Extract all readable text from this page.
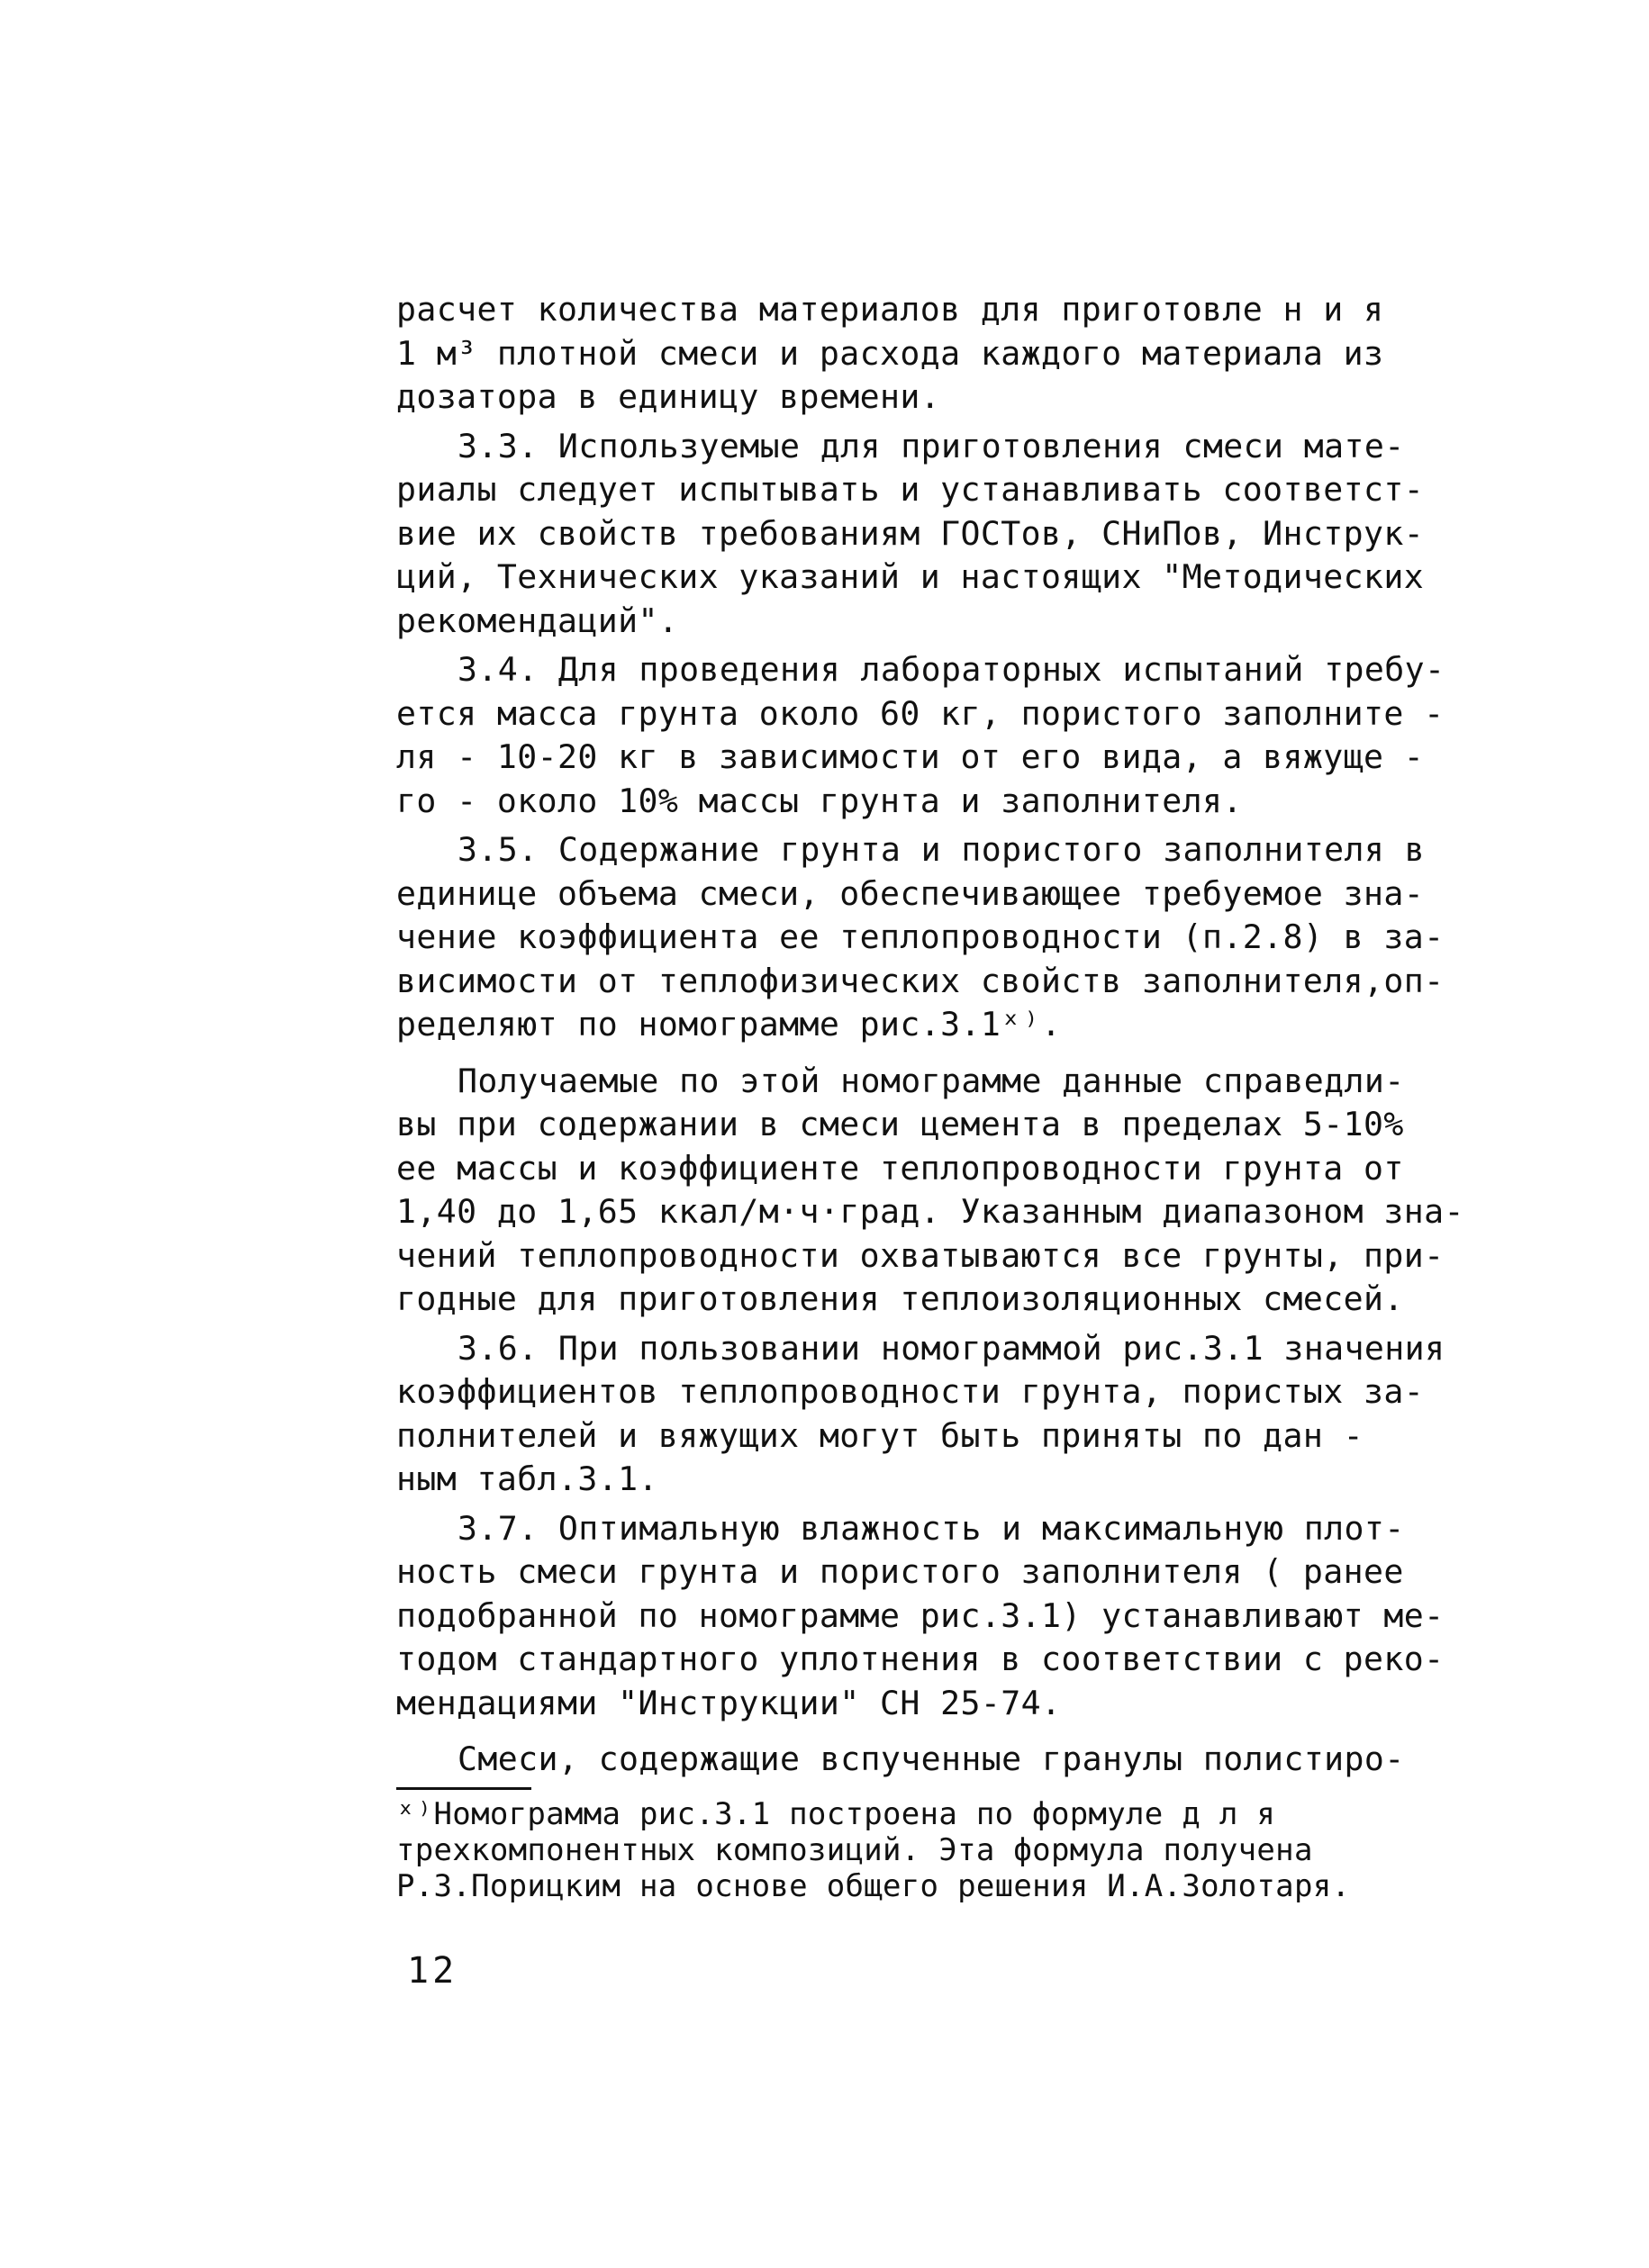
расчет количества материалов для приготовле н и я
1 м³ плотной смеси и расхода каждого материала из
дозатора в единицу времени.

3.3. Используемые для приготовления смеси мате-
риалы следует испытывать и устанавливать соответст-
вие их свойств требованиям ГОСТов, СНиПов, Инструк-
ций, Технических указаний и настоящих "Методических
рекомендаций".

3.4. Для проведения лабораторных испытаний требу-
ется масса грунта около 60 кг, пористого заполните -
ля - 10-20 кг в зависимости от его вида, а вяжуще -
го - около 10% массы грунта и заполнителя.

3.5. Содержание грунта и пористого заполнителя в
единице объема смеси, обеспечивающее требуемое зна-
чение коэффициента ее теплопроводности (п.2.8) в за-
висимости от теплофизических свойств заполнителя,оп-
ределяют по номограмме рис.3.1ˣ⁾.

Получаемые по этой номограмме данные справедли-
вы при содержании в смеси цемента в пределах 5-10%
ее массы и коэффициенте теплопроводности грунта от
1,40 до 1,65 ккал/м·ч·град. Указанным диапазоном зна-
чений теплопроводности охватываются все грунты, при-
годные для приготовления теплоизоляционных смесей.

3.6. При пользовании номограммой рис.3.1 значения
коэффициентов теплопроводности грунта, пористых за-
полнителей и вяжущих могут быть приняты по дан -
ным табл.3.1.

3.7. Оптимальную влажность и максимальную плот-
ность смеси грунта и пористого заполнителя ( ранее
подобранной по номограмме рис.3.1) устанавливают ме-
тодом стандартного уплотнения в соответствии с реко-
мендациями "Инструкции" СН 25-74.

Смеси, содержащие вспученные гранулы полистиро-

ˣ⁾Номограмма рис.3.1 построена по формуле д л я
трехкомпонентных композиций. Эта формула получена
Р.З.Порицким на основе общего решения И.А.Золотаря.
12
